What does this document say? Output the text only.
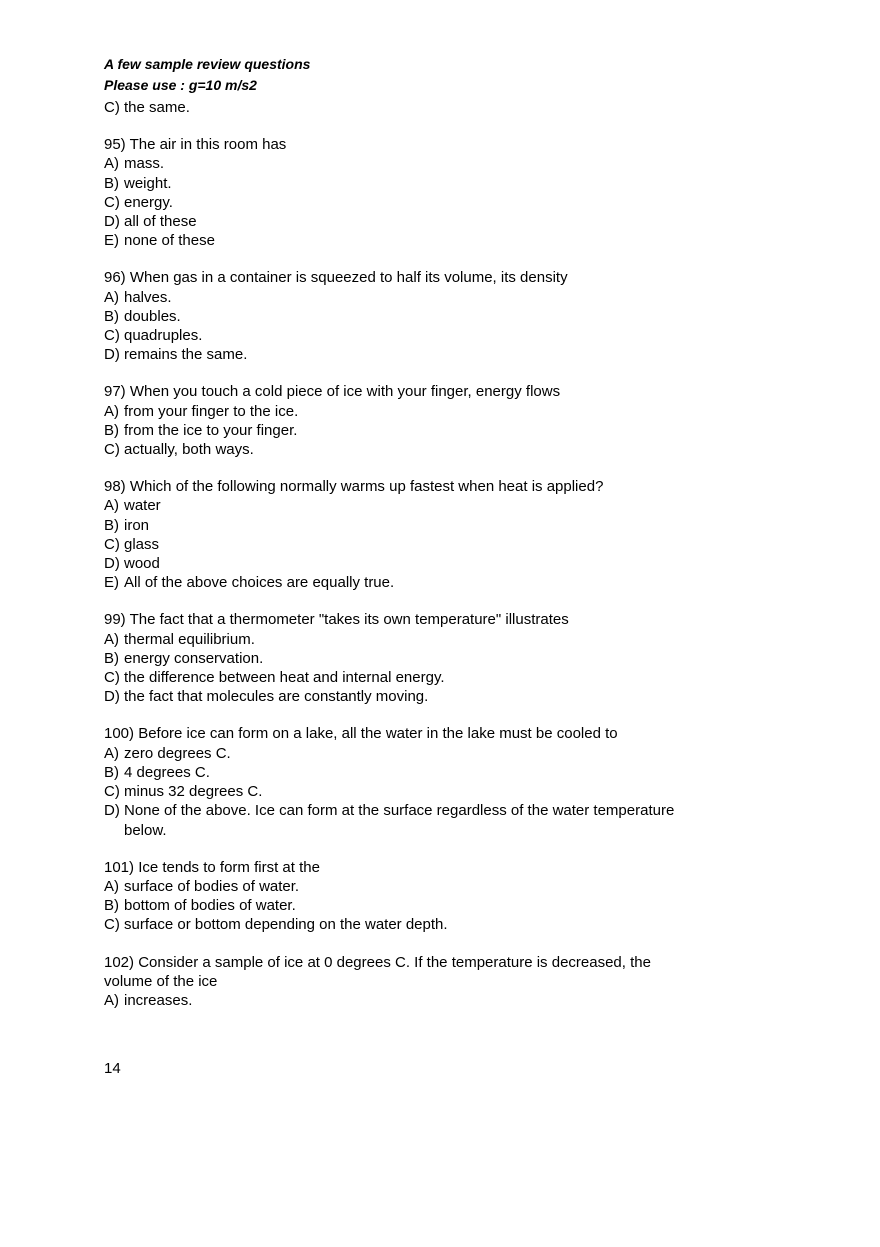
A few sample review questions
Please use : g=10 m/s2
C) the same.
95) The air in this room has
A) mass.
B) weight.
C) energy.
D) all of these
E) none of these
96) When gas in a container is squeezed to half its volume, its density
A) halves.
B) doubles.
C) quadruples.
D) remains the same.
97) When you touch a cold piece of ice with your finger, energy flows
A) from your finger to the ice.
B) from the ice to your finger.
C) actually, both ways.
98) Which of the following normally warms up fastest when heat is applied?
A) water
B) iron
C) glass
D) wood
E) All of the above choices are equally true.
99) The fact that a thermometer "takes its own temperature" illustrates
A) thermal equilibrium.
B) energy conservation.
C) the difference between heat and internal energy.
D) the fact that molecules are constantly moving.
100) Before ice can form on a lake, all the water in the lake must be cooled to
A) zero degrees C.
B) 4 degrees C.
C) minus 32 degrees C.
D) None of the above. Ice can form at the surface regardless of the water temperature below.
101) Ice tends to form first at the
A) surface of bodies of water.
B) bottom of bodies of water.
C) surface or bottom depending on the water depth.
102) Consider a sample of ice at 0 degrees C. If the temperature is decreased, the volume of the ice
A) increases.
14
